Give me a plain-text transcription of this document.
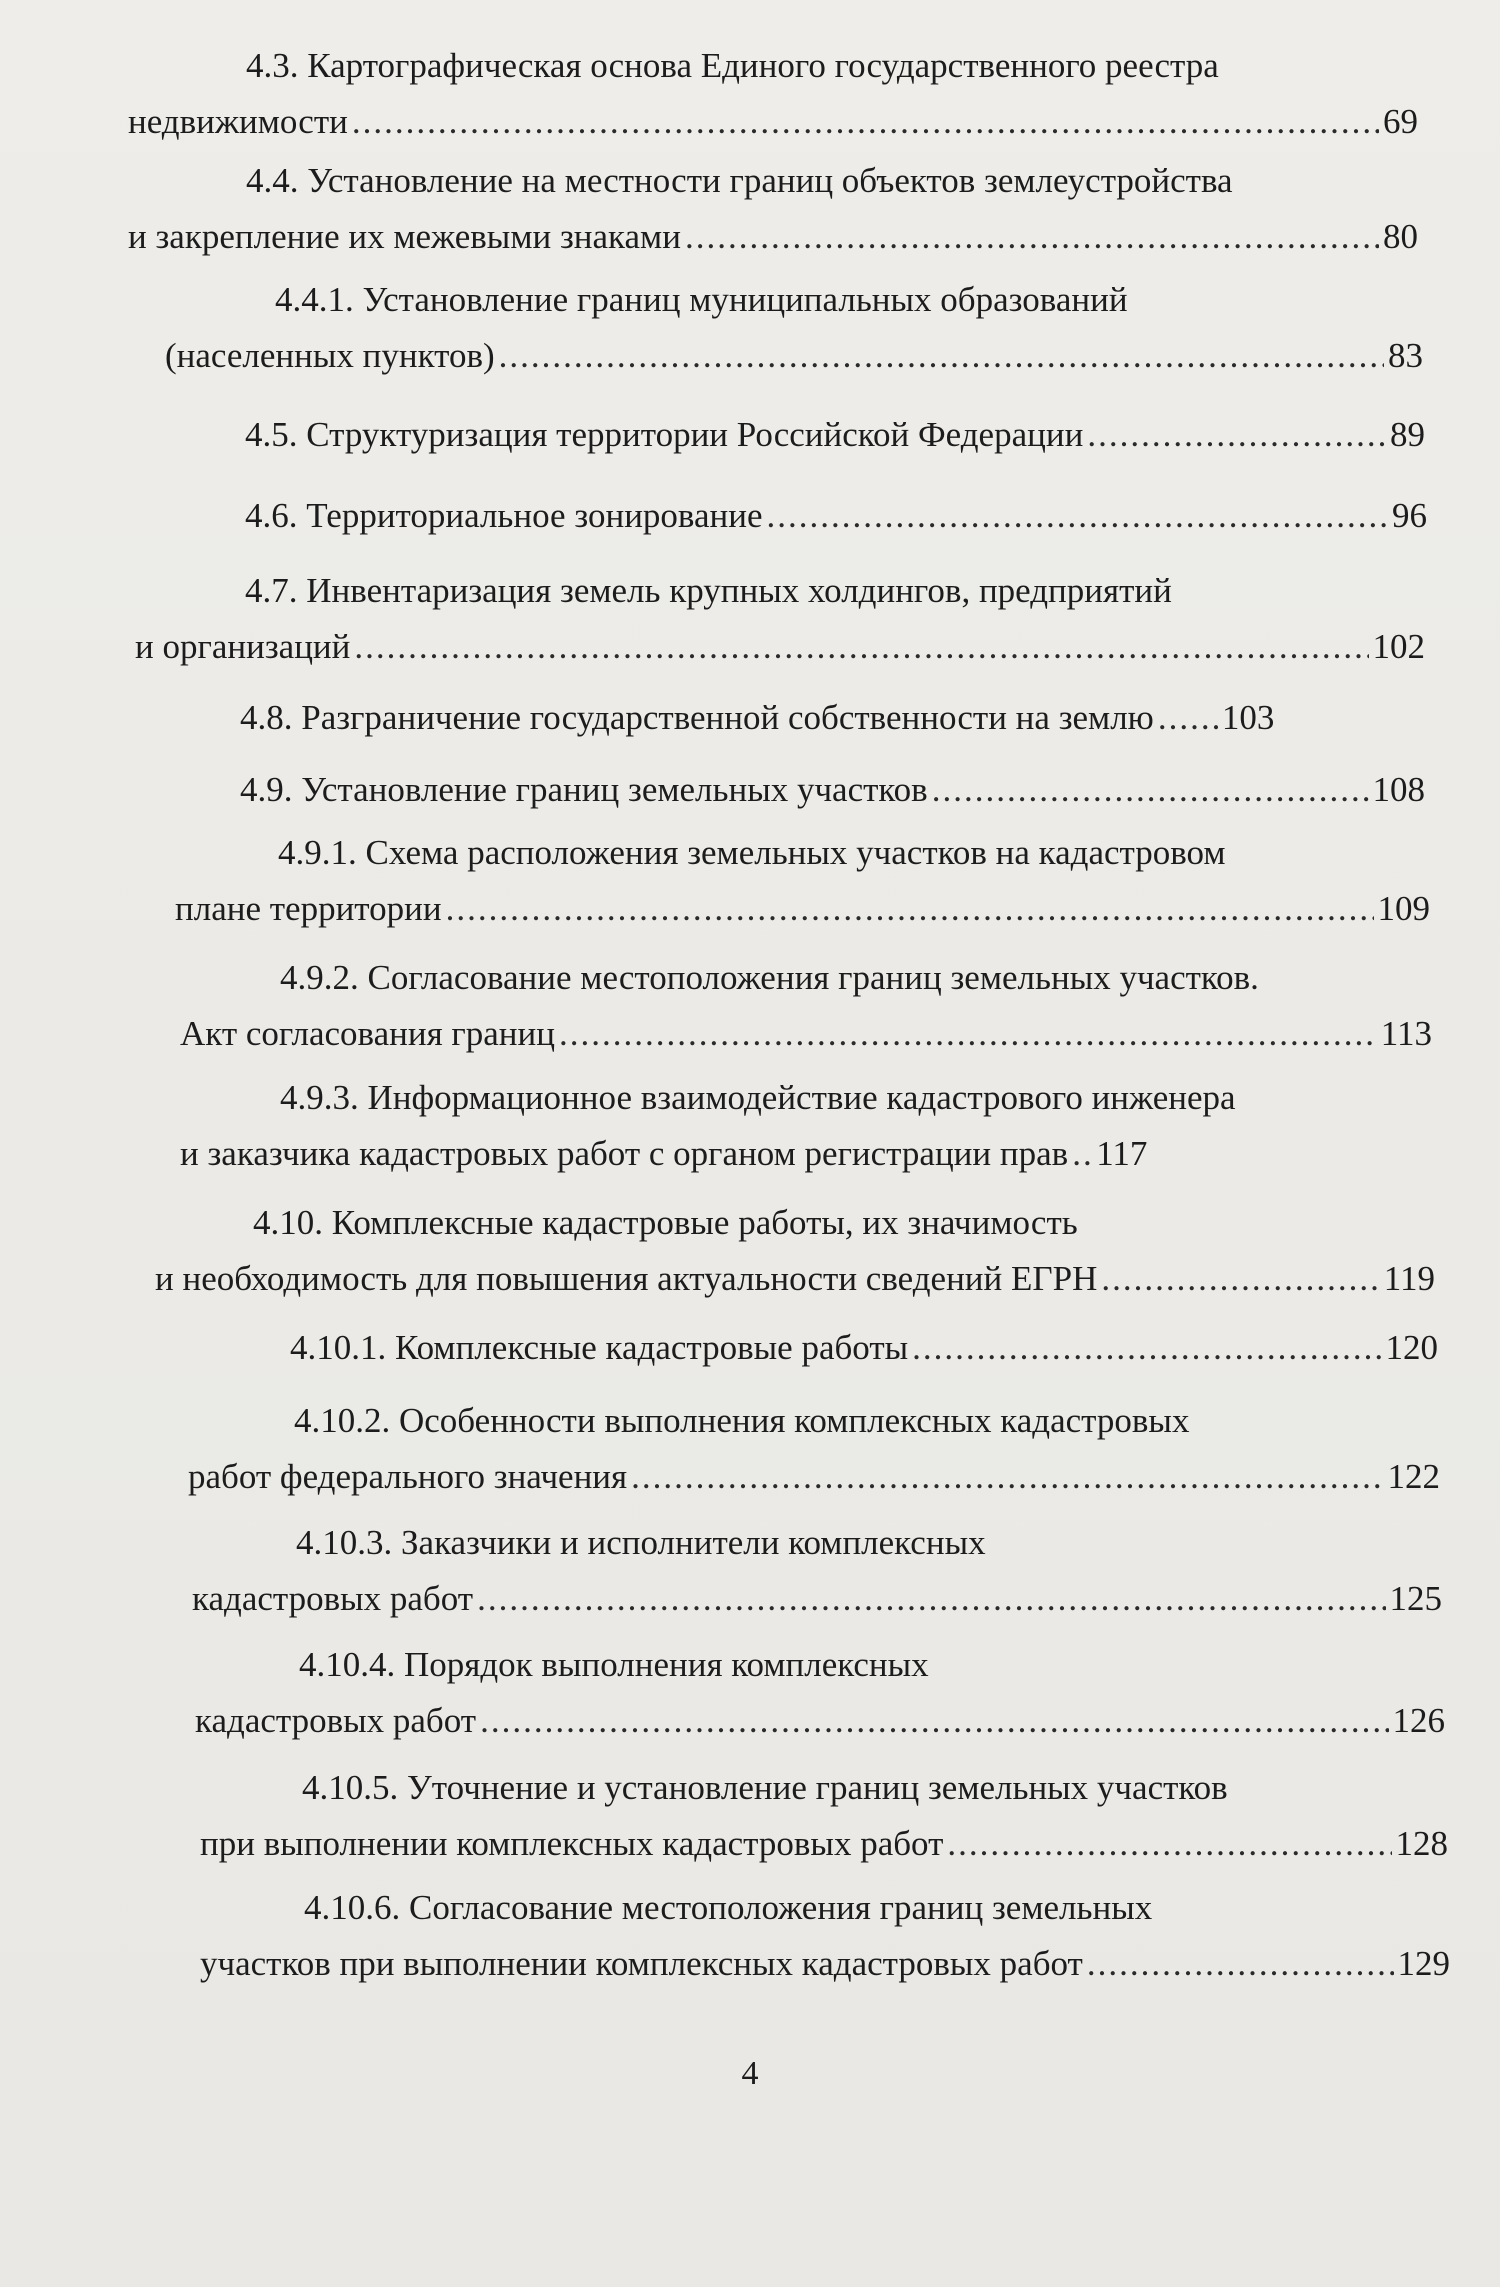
4.3. Картографическая основа Единого государственного реестра
недвижимости .....	69
4.4. Установление на местности границ объектов землеустройства
и закрепление их межевыми знаками .....	80
4.4.1. Установление границ муниципальных образований
(населенных пунктов) .....	83
4.5. Структуризация территории Российской Федерации .....	89
4.6. Территориальное зонирование .....	96
4.7. Инвентаризация земель крупных холдингов, предприятий
и организаций .....	102
4.8. Разграничение государственной собственности на землю ..... 103
4.9. Установление границ земельных участков .....	108
4.9.1. Схема расположения земельных участков на кадастровом
плане территории .....	109
4.9.2. Согласование местоположения границ земельных участков.
Акт согласования границ .....	113
4.9.3. Информационное взаимодействие кадастрового инженера
и заказчика кадастровых работ с органом регистрации прав ..... 117
4.10. Комплексные кадастровые работы, их значимость
и необходимость для повышения актуальности сведений ЕГРН .....	119
4.10.1. Комплексные кадастровые работы .....	120
4.10.2. Особенности выполнения комплексных кадастровых
работ федерального значения .....	122
4.10.3. Заказчики и исполнители комплексных
кадастровых работ .....	125
4.10.4. Порядок выполнения комплексных
кадастровых работ .....	126
4.10.5. Уточнение и установление границ земельных участков
при выполнении комплексных кадастровых работ .....	128
4.10.6. Согласование местоположения границ земельных
участков при выполнении комплексных кадастровых работ .....	129
4
